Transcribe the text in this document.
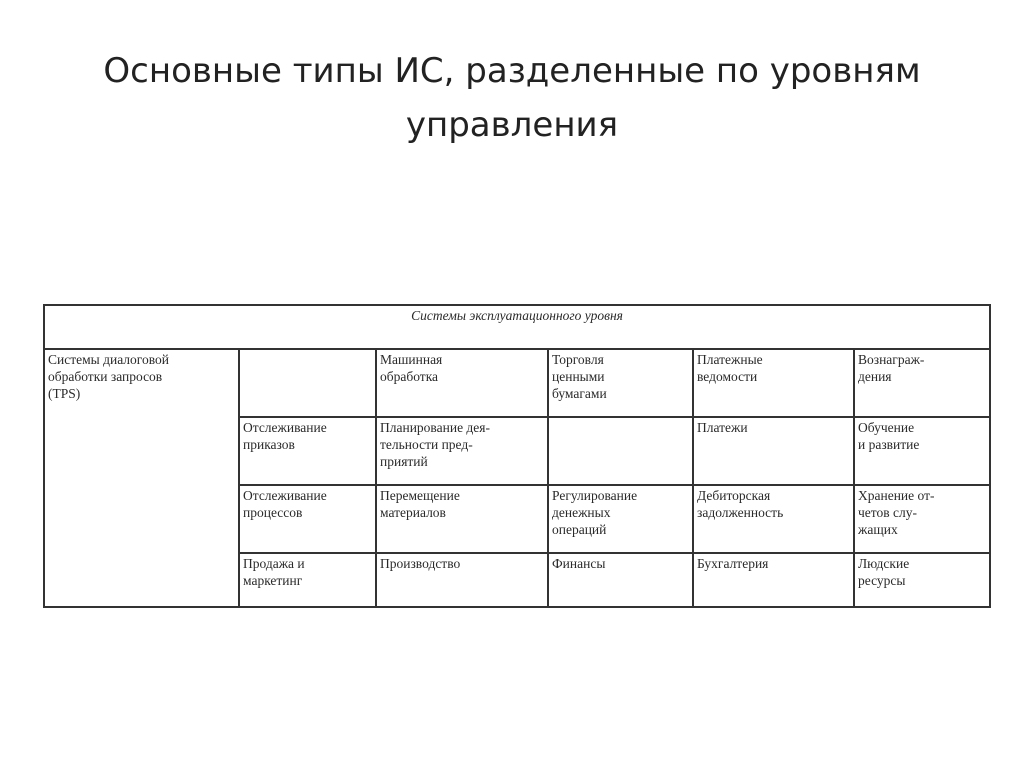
Основные типы ИС, разделенные по уровням
управления
Системы эксплуатационного уровня					

Системы диалоговой
обработки запросов
(TPS)		Машинная
обработка	Торговля
ценными
бумагами	Платежные
ведомости	Вознаграж-
дения

	Отслеживание
приказов	Планирование дея-
тельности пред-
приятий		Платежи	Обучение
и развитие

	Отслеживание
процессов	Перемещение
материалов	Регулирование
денежных
операций	Дебиторская
задолженность	Хранение от-
четов слу-
жащих

	Продажа и
маркетинг	Производство	Финансы	Бухгалтерия	Людские
ресурсы
